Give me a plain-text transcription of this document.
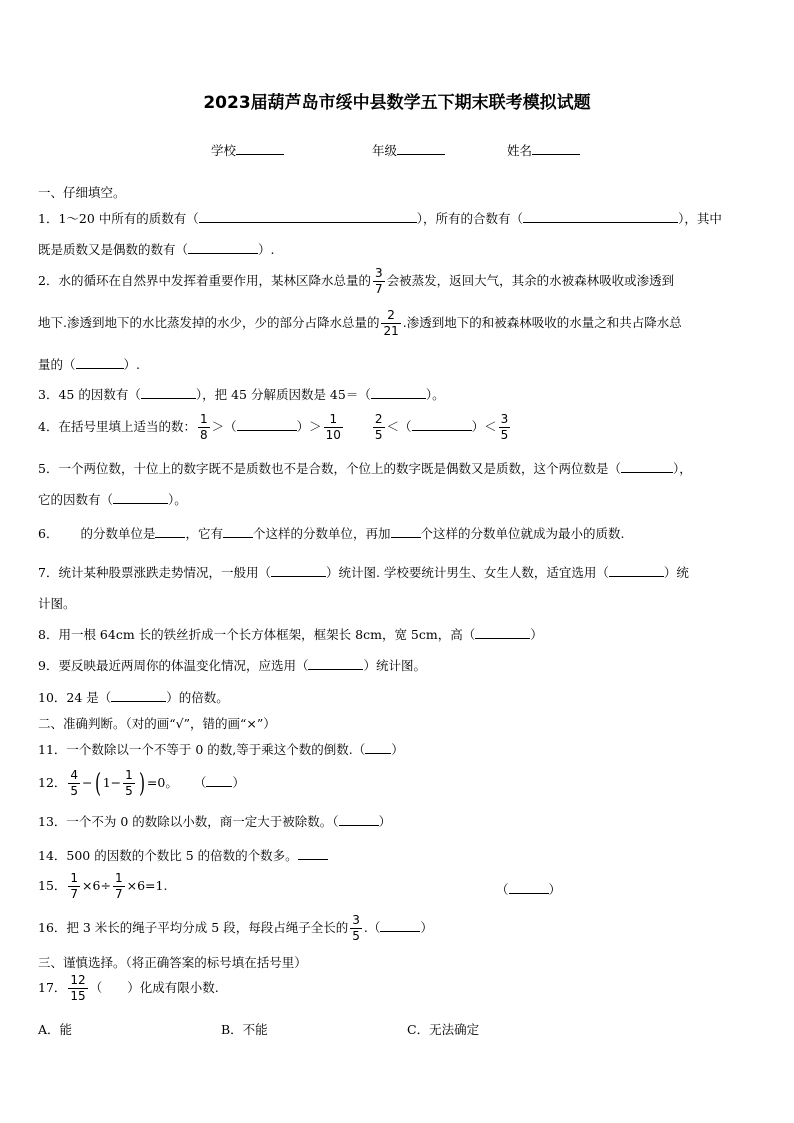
2023届葫芦岛市绥中县数学五下期末联考模拟试题
学校	年级	姓名
一、仔细填空。
1．1～20 中所有的质数有（	），所有的合数有（	），其中
既是质数又是偶数的数有（	）.
2．水的循环在自然界中发挥着重要作用，某林区降水总量的 $\frac{3}{7}$ 会被蒸发，返回大气，其余的水被森林吸收或渗透到
地下.渗透到地下的水比蒸发掉的水少，少的部分占降水总量的 $\frac{2}{21}$ .渗透到地下的和被森林吸收的水量之和共占降水总
量的（	）.
3．45 的因数有（	），把 45 分解质因数是 45＝（	）。
4．在括号里填上适当的数： $\frac{1}{8}$ ＞（	）＞ $\frac{1}{10}$
$\frac{2}{5}$ ＜（	）＜ $\frac{3}{5}$
5．一个两位数，十位上的数字既不是质数也不是合数，个位上的数字既是偶数又是质数，这个两位数是（	），
它的因数有（	）。
6． 的分数单位是 ，它有 个这样的分数单位，再加 个这样的分数单位就成为最小的质数.
7．统计某种股票涨跌走势情况，一般用（	）统计图. 学校要统计男生、女生人数，适宜选用（	）统
计图。
8．用一根 64cm 长的铁丝折成一个长方体框架，框架长 8cm，宽 5cm，高（	）
9．要反映最近两周你的体温变化情况，应选用（	）统计图。
10．24 是（	）的倍数。
二、准确判断。（对的画“√”，错的画“×”）
11．一个数除以一个不等于 0 的数,等于乘这个数的倒数.（ ）
12． $\frac{4}{5}$ −( $1- \frac{1}{5}$ ) =0。 （ ）
13．一个不为 0 的数除以小数，商一定大于被除数。（	）
14．500 的因数的个数比 5 的倍数的个数多。
15． $\frac{1}{7} \times 6\div \frac{1}{7} \times 6=1$.	（	）
16．把 3 米长的绳子平均分成 5 段，每段占绳子全长的 $\frac{3}{5}$ .（	）
三、谨慎选择。（将正确答案的标号填在括号里）
17． $\frac{12}{15}$ （　　）化成有限小数.
A．能	B．不能	C．无法确定
